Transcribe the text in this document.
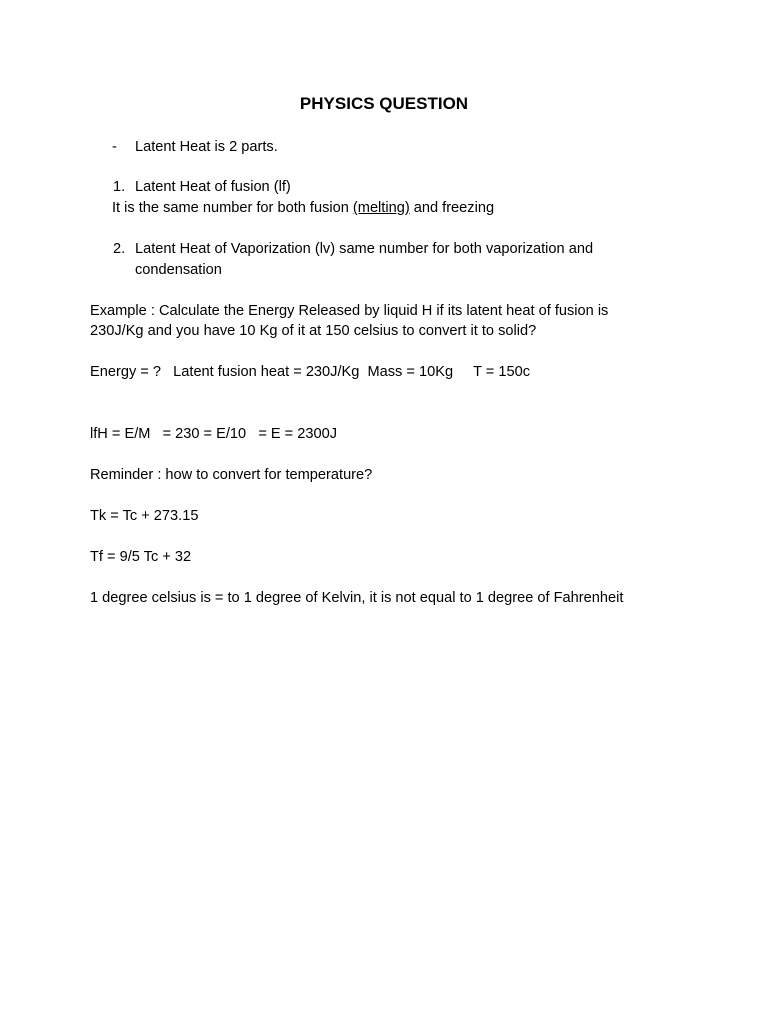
PHYSICS QUESTION
- Latent Heat is 2 parts.
1. Latent Heat of fusion (lf)
It is the same number for both fusion (melting) and freezing
2. Latent Heat of Vaporization (lv) same number for both vaporization and
condensation
Example : Calculate the Energy Released by liquid H if its latent heat of fusion is
230J/Kg and you have 10 Kg of it at 150 celsius to convert it to solid?
Energy = ?   Latent fusion heat = 230J/Kg  Mass = 10Kg     T = 150c
lfH = E/M   = 230 = E/10   = E = 2300J
Reminder : how to convert for temperature?
Tk = Tc + 273.15
Tf = 9/5 Tc + 32
1 degree celsius is = to 1 degree of Kelvin, it is not equal to 1 degree of Fahrenheit
